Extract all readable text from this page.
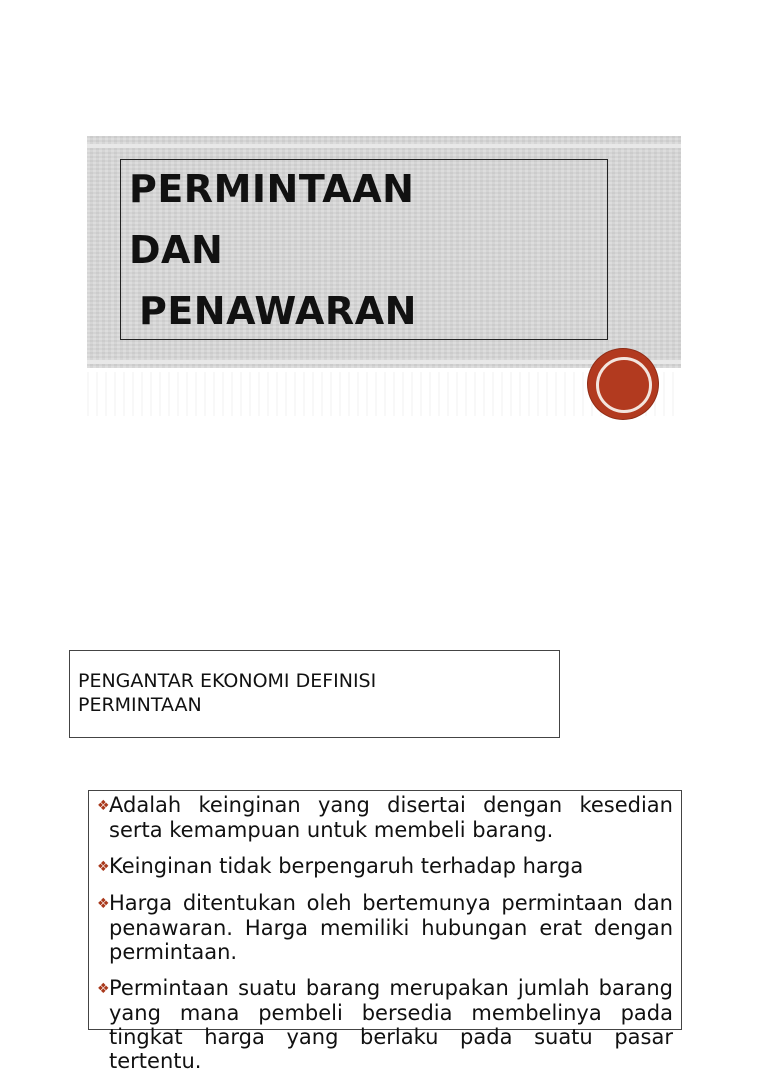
PERMINTAAN
DAN
PENAWARAN

PENGANTAR EKONOMI DEFINISI PERMINTAAN

❖Adalah keinginan yang disertai dengan kesedian serta kemampuan untuk membeli barang.
❖Keinginan tidak berpengaruh terhadap harga
❖Harga ditentukan oleh bertemunya permintaan dan penawaran. Harga memiliki hubungan erat dengan permintaan.
❖Permintaan suatu barang merupakan jumlah barang yang mana pembeli bersedia membelinya pada tingkat harga yang berlaku pada suatu pasar tertentu.
